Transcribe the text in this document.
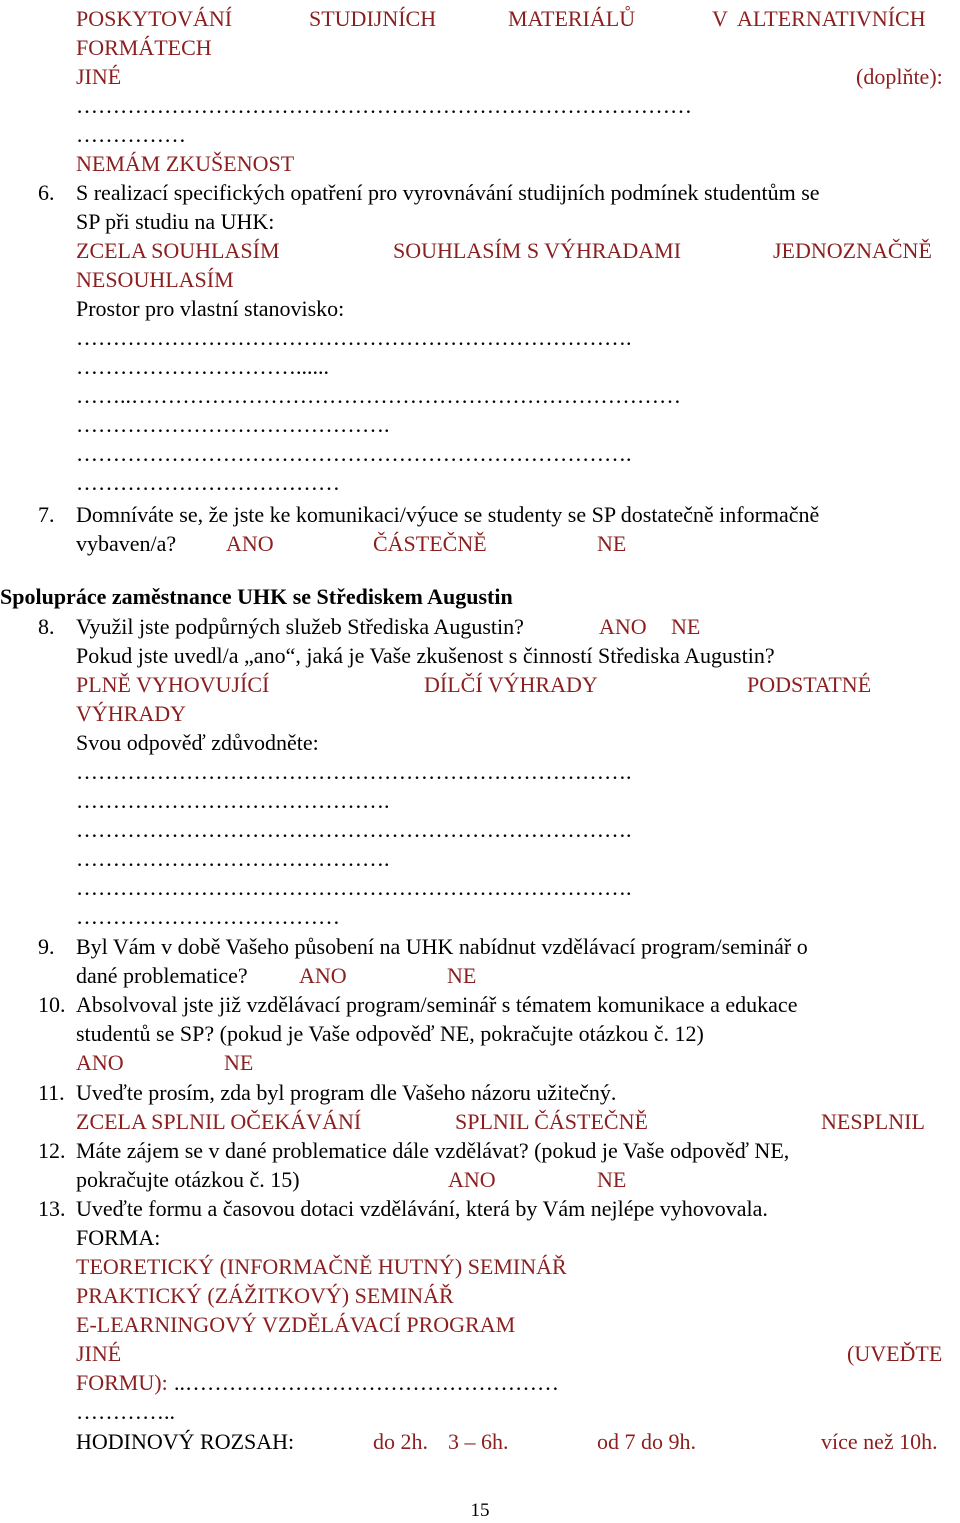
POSKYTOVÁNÍ	STUDIJNÍCH	MATERIÁLŮ	V ALTERNATIVNÍCH
FORMÁTECH
JINÉ	(doplňte):
…………………………………………………………………………
……………
NEMÁM ZKUŠENOST
6. S realizací specifických opatření pro vyrovnávání studijních podmínek studentům se
SP při studiu na UHK:
ZCELA SOUHLASÍM	SOUHLASÍM S VÝHRADAMI	JEDNOZNAČNĚ
NESOUHLASÍM
Prostor pro vlastní stanovisko:
………………………………………………………………….
…………………………......
……..…………………………………………………………………
…………………………………….
………………………………………………………………….
………………………………
7. Domníváte se, že jste ke komunikaci/výuce se studenty se SP dostatečně informačně
vybaven/a? ANO	ČÁSTEČNĚ	NE
Spolupráce zaměstnance UHK se Střediskem Augustin
8. Využil jste podpůrných služeb Střediska Augustin?	ANO NE
Pokud jste uvedl/a „ano“, jaká je Vaše zkušenost s činností Střediska Augustin?
PLNĚ VYHOVUJÍCÍ	DÍLČÍ VÝHRADY	PODSTATNÉ
VÝHRADY
Svou odpověď zdůvodněte:
………………………………………………………………….
…………………………………….
………………………………………………………………….
…………………………………….
………………………………………………………………….
………………………………
9. Byl Vám v době Vašeho působení na UHK nabídnut vzdělávací program/seminář o
dané problematice? ANO	NE
10. Absolvoval jste již vzdělávací program/seminář s tématem komunikace a edukace
studentů se SP? (pokud je Vaše odpověď NE, pokračujte otázkou č. 12)
ANO	NE
11. Uveďte prosím, zda byl program dle Vašeho názoru užitečný.
ZCELA SPLNIL OČEKÁVÁNÍ	SPLNIL ČÁSTEČNĚ	NESPLNIL
12. Máte zájem se v dané problematice dále vzdělávat? (pokud je Vaše odpověď NE,
pokračujte otázkou č. 15)	ANO	NE
13. Uveďte formu a časovou dotaci vzdělávání, která by Vám nejlépe vyhovovala.
FORMA:
TEORETICKÝ (INFORMAČNĚ HUTNÝ) SEMINÁŘ
PRAKTICKÝ (ZÁŽITKOVÝ) SEMINÁŘ
E-LEARNINGOVÝ VZDĚLÁVACÍ PROGRAM
JINÉ	(UVEĎTE
FORMU): ..……………………………………………
…………..
HODINOVÝ ROZSAH:	do 2h. 3 – 6h.	od 7 do 9h.	více než 10h.
15
